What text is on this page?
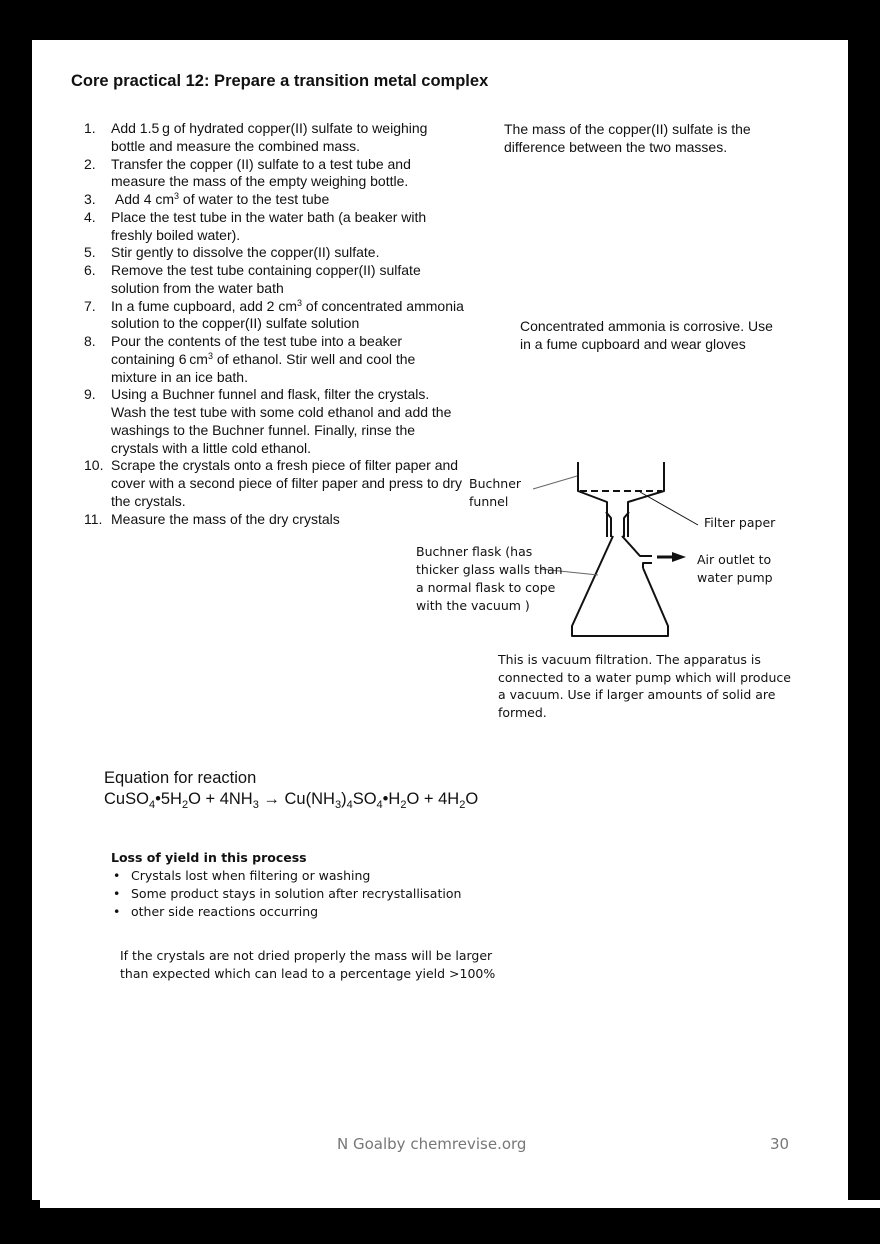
Core practical 12: Prepare a transition metal complex
1. Add 1.5 g of hydrated copper(II) sulfate to weighing bottle and measure the combined mass.
2. Transfer the copper (II) sulfate to a test tube and measure the mass of the empty weighing bottle.
3. Add 4 $cm^3$ of water to the test tube
4. Place the test tube in the water bath (a beaker with freshly boiled water).
5. Stir gently to dissolve the copper(II) sulfate.
6. Remove the test tube containing copper(II) sulfate solution from the water bath
7. In a fume cupboard, add 2 $cm^3$ of concentrated ammonia solution to the copper(II) sulfate solution
8. Pour the contents of the test tube into a beaker containing 6 $cm^3$ of ethanol. Stir well and cool the mixture in an ice bath.
9. Using a Buchner funnel and flask, filter the crystals. Wash the test tube with some cold ethanol and add the washings to the Buchner funnel. Finally, rinse the crystals with a little cold ethanol.
10. Scrape the crystals onto a fresh piece of filter paper and cover with a second piece of filter paper and press to dry the crystals.
11. Measure the mass of the dry crystals
The mass of the copper(II) sulfate is the difference between the two masses.
Concentrated ammonia is corrosive. Use in a fume cupboard and wear gloves
Buchner
funnel
Filter paper
Buchner flask (has
thicker glass walls than
a normal flask to cope
with the vacuum )
Air outlet to
water pump
This is vacuum filtration. The apparatus is connected to a water pump which will produce a vacuum. Use if larger amounts of solid are formed.
Equation for reaction
$CuSO_4•5H_2O + 4NH_3$ → $Cu(NH_3)_4SO_4•H_2O + 4H_2O$
Loss of yield in this process
• Crystals lost when filtering or washing
• Some product stays in solution after recrystallisation
• other side reactions occurring
If the crystals are not dried properly the mass will be larger than expected which can lead to a percentage yield >100%
N Goalby chemrevise.org	30
